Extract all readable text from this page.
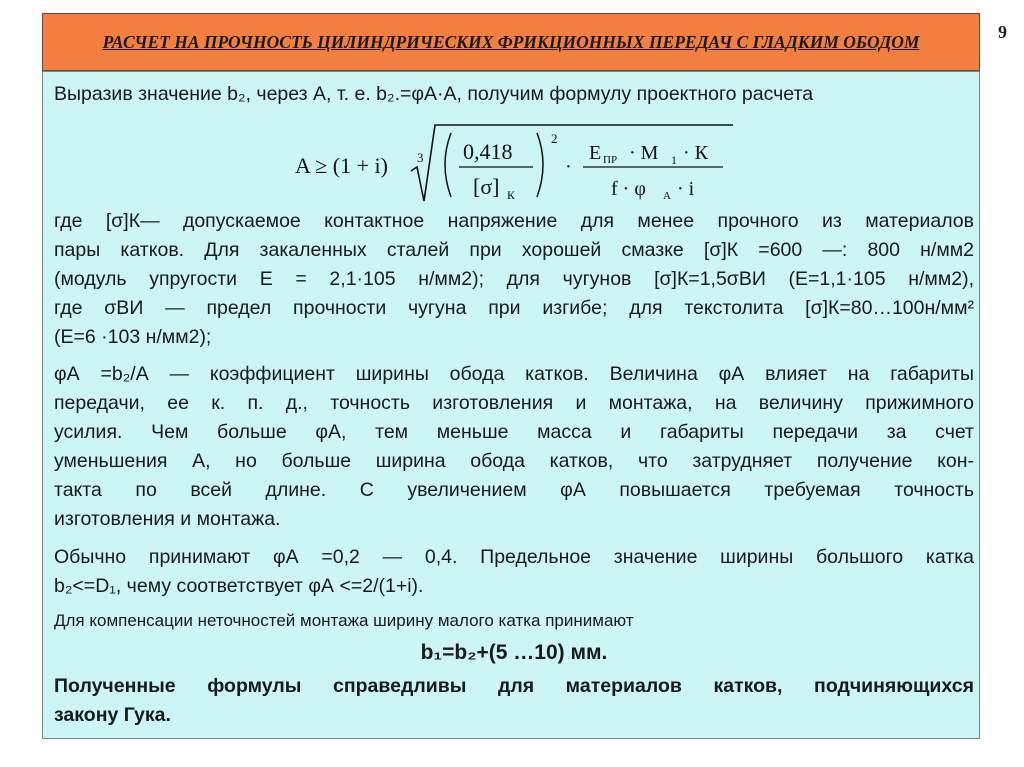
РАСЧЕТ НА ПРОЧНОСТЬ ЦИЛИНДРИЧЕСКИХ ФРИКЦИОННЫХ ПЕРЕДАЧ С ГЛАДКИМ ОБОДОМ	9
Выразив значение b₂, через А, т. е. b₂.=φА·А, получим формулу проектного расчета
A ≥ (1 + i) 3 0,418
[σ] К
2
·
Е ПР · М 1 · К
f · φ А · i
где [σ]К— допускаемое контактное напряжение для менее прочного из материалов
пары катков. Для закаленных сталей при хорошей смазке [σ]К =600 —: 800 н/мм2
(модуль упругости Е = 2,1·105 н/мм2); для чугунов [σ]К=1,5σВИ (Е=1,1·105 н/мм2),
где σВИ — предел прочности чугуна при изгибе; для текстолита [σ]К=80…100н/мм²
(Е=6 ·103 н/мм2);
φА =b₂/А — коэффициент ширины обода катков. Величина φА влияет на габариты
передачи, ее к. п. д., точность изготовления и монтажа, на величину прижимного
усилия. Чем больше φА, тем меньше масса и габариты передачи за счет
уменьшения А, но больше ширина обода катков, что затрудняет получение кон-
такта по всей длине. С увеличением φА повышается требуемая точность
изготовления и монтажа.
Обычно принимают φА =0,2 — 0,4. Предельное значение ширины большого катка
b₂<=D₁, чему соответствует φА <=2/(1+i).
Для компенсации неточностей монтажа ширину малого катка принимают
b₁=b₂+(5 …10) мм.
Полученные формулы справедливы для материалов катков, подчиняющихся
закону Гука.
